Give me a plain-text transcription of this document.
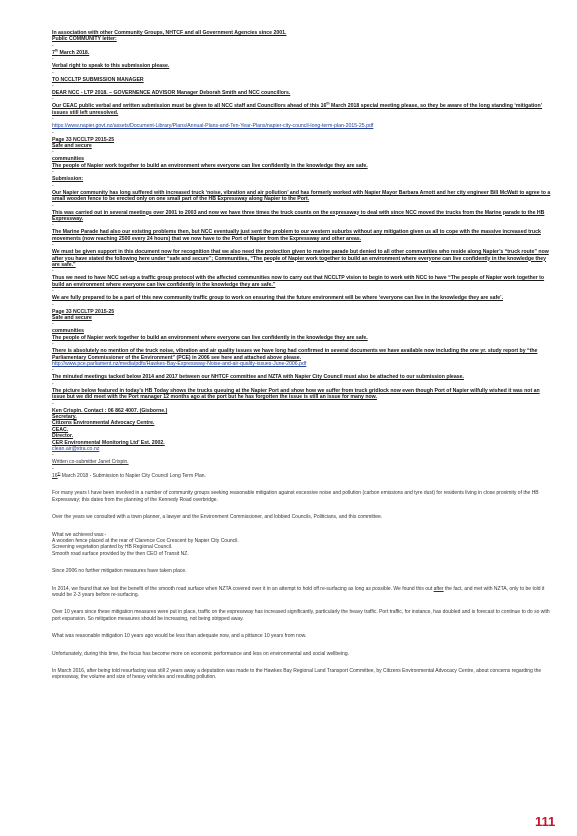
In association with other Community Groups, NHTCF and all Government Agencies since 2001.

Public COMMUNITY letter:

-

7th March 2018.

-

Verbal right to speak to this submission please.

-

TO NCCLTP SUBMISSION MANAGER

-

DEAR NCC - LTP 2018. – GOVERNENCE ADVISOR Manager Deborah Smith and NCC councillors.

-

Our CEAC public verbal and written submission must be given to all NCC staff and Councillors ahead of this 16th March 2018 special meeting please, so they be aware of the long standing ‘mitigation’ issues still left unresolved.

-

https://www.napier.govt.nz/assets/Document-Library/Plans/Annual-Plans-and-Ten-Year-Plans/napier-city-council-long-term-plan-2015-25.pdf

-

Page 33 NCCLTP 2015-25

Safe and secure

-

communities

The people of Napier work together to build an environment where everyone can live confidently in the knowledge they are safe.

-

Submission:

-

Our Napier community has long suffered with increased truck ‘noise, vibration and air pollution’ and has formerly worked with Napier Mayor Barbara Arnott and her city engineer Bill McWatt to agree to a small wooden fence to be erected only on one small part of the HB Expressway along Napier to the Port.

-

This was carried out in several meetings over 2001 to 2003 and now we have three times the truck counts on the expressway to deal with since NCC moved the trucks from the Marine parade to the HB Expressway.

-

The Marine Parade had also our existing problems then, but NCC eventually just sent the problem to our western suburbs without any mitigation given us all to cope with the massive increased truck movements (now reaching 2500 every 24 hours) that we now have to the Port of Napier from the Expressway and other areas.

-

We must be given support in this document now for recognition that we also need the protection given to marine parade but denied to all other communities who reside along Napier’s “truck route” now after you have stated the following here under “safe and secure”; Communities, “The people of Napier work together to build an environment where everyone can live confidently in the knowledge they are safe.”

-

Thus we need to have NCC set-up a traffic group protocol with the affected communities now to carry out that NCCLTP vision to begin to work with NCC to have “The people of Napier work together to build an environment where everyone can live confidently in the knowledge they are safe.”

-

We are fully prepared to be a part of this new community traffic group to work on ensuring that the future environment will be where ‘everyone can live in the knowledge they are safe’.

-

Page 33 NCCLTP 2015-25

Safe and secure

-

communities

The people of Napier work together to build an environment where everyone can live confidently in the knowledge they are safe.

-

There is absolutely no mention of the truck noise, vibration and air quality issues we have long had confirmed in several documents we have available now including the one yr. study report by “the Parliamentary Commissioner of the Environment” (PCE) in 2006 see here and attached above please.

http://www.pce.parliament.nz/media/pdfs/Hawkes-Bay-Expressway-Noise-and-air-quality-issues-June-2006.pdf

-

The minuted meetings tacked below 2014 and 2017 between our NHTCF committee and NZTA with Napier City Council must also be attached to our submission please.

-

The picture below featured in today’s HB Today shows the trucks queuing at the Napier Port and show how we suffer from truck gridlock now even though Port of Napier wilfully wished it was not an issue but we did meet with the Port manager 12 months ago at the port but he has forgotten the issue is still an issue for many now.

-

Ken Crispin. Contact : 06 862 4007. (Gisborne.)

Secretary.

Citizens Environmental Advocacy Centre.

CEAC.

Director.

CER Environmental Monitoring Ltd’ Est. 2002.

clean.air@xtra.co.nz

-

Written co-submitter Janet Crispin.

-

16th March 2018 - Submission to Napier City Council Long Term Plan.

For many years I have been involved in a number of community groups seeking reasonable mitigation against excessive noise and pollution (carbon emissions and tyre dust) for residents living in close proximity of the HB Expressway; this dates from the planning of the Kennedy Road overbridge.

Over the years we consulted with a town planner, a lawyer and the Environment Commissioner, and lobbied Councils, Politicians, and this committee.

What we achieved was:-

A wooden fence placed at the rear of Clarence Cox Crescent by Napier City Council.

Screening vegetation planted by HB Regional Council.

Smooth road surface provided by the then CEO of Transit NZ.

Since 2006 no further mitigation measures have taken place.

In 2014, we found that we lost the benefit of the smooth road surface when NZTA covered over it in an attempt to hold off re-surfacing as long as possible. We found this out after the fact, and met with NZTA, only to be told it would be 2-3 years before re-surfacing.

Over 10 years since these mitigation measures were put in place, traffic on the expressway has increased significantly, particularly the heavy traffic. Port traffic, for instance, has doubled and is forecast to continue to do so with port expansion. So mitigation measures should be increasing, not being stripped away.

What was reasonable mitigation 10 years ago would be less than adequate now, and a pittance 10 years from now.

Unfortunately, during this time, the focus has become more on economic performance and less on environmental and social wellbeing.

In March 2016, after being told resurfacing was still 2 years away a deputation was made to the Hawkes Bay Regional Land Transport Committee, by Citizens Environmental Advocacy Centre, about concerns regarding the expressway, the volume and size of heavy vehicles and resulting pollution.

111
